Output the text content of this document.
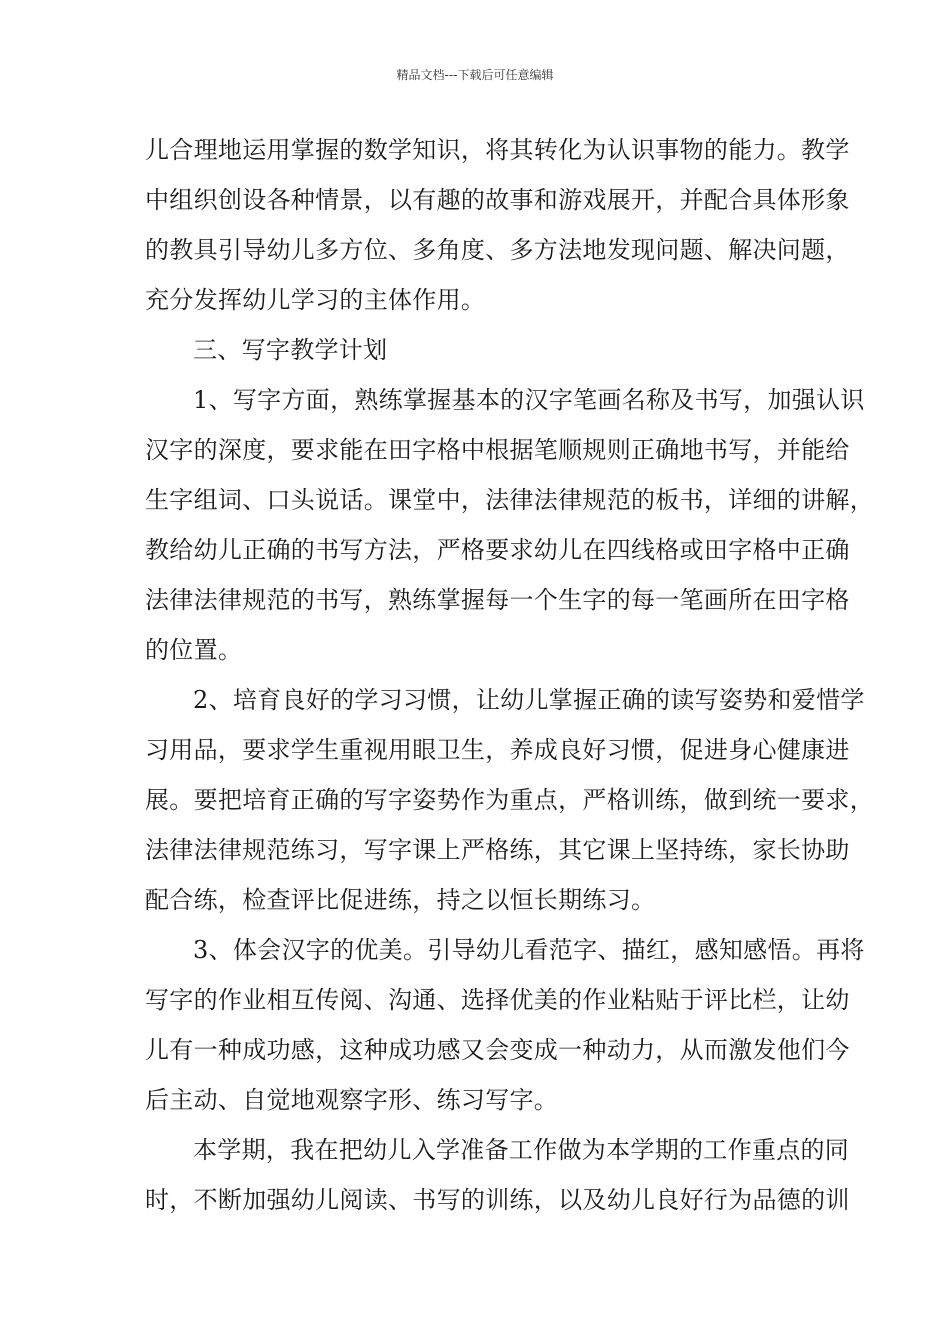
精品文档---下载后可任意编辑
儿合理地运用掌握的数学知识，将其转化为认识事物的能力。教学
中组织创设各种情景，以有趣的故事和游戏展开，并配合具体形象
的教具引导幼儿多方位、多角度、多方法地发现问题、解决问题，
充分发挥幼儿学习的主体作用。
三、写字教学计划
1、写字方面，熟练掌握基本的汉字笔画名称及书写，加强认识
汉字的深度，要求能在田字格中根据笔顺规则正确地书写，并能给
生字组词、口头说话。课堂中，法律法律规范的板书，详细的讲解，
教给幼儿正确的书写方法，严格要求幼儿在四线格或田字格中正确
法律法律规范的书写，熟练掌握每一个生字的每一笔画所在田字格
的位置。
2、培育良好的学习习惯，让幼儿掌握正确的读写姿势和爱惜学
习用品，要求学生重视用眼卫生，养成良好习惯，促进身心健康进
展。要把培育正确的写字姿势作为重点，严格训练，做到统一要求，
法律法律规范练习，写字课上严格练，其它课上坚持练，家长协助
配合练，检查评比促进练，持之以恒长期练习。
3、体会汉字的优美。引导幼儿看范字、描红，感知感悟。再将
写字的作业相互传阅、沟通、选择优美的作业粘贴于评比栏，让幼
儿有一种成功感，这种成功感又会变成一种动力，从而激发他们今
后主动、自觉地观察字形、练习写字。
本学期，我在把幼儿入学准备工作做为本学期的工作重点的同
时，不断加强幼儿阅读、书写的训练，以及幼儿良好行为品德的训
